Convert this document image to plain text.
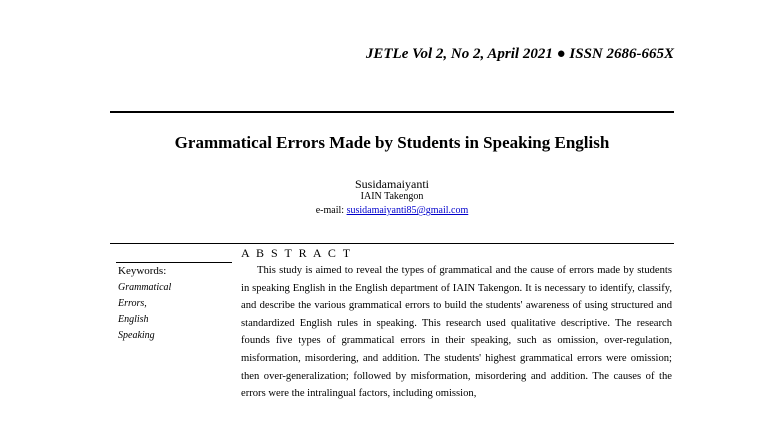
JETLe Vol 2, No 2, April 2021 ● ISSN 2686-665X
Grammatical Errors Made by Students in Speaking English
Susidamaiyanti
IAIN Takengon
e-mail: susidamaiyanti85@gmail.com
A B S T R A C T
Keywords:
Grammatical
Errors,
English
Speaking

This study is aimed to reveal the types of grammatical and the cause of errors made by students in speaking English in the English department of IAIN Takengon. It is necessary to identify, classify, and describe the various grammatical errors to build the students' awareness of using structured and standardized English rules in speaking. This research used qualitative descriptive. The research founds five types of grammatical errors in their speaking, such as omission, over-regulation, misformation, misordering, and addition. The students' highest grammatical errors were omission; then over-generalization; followed by misformation, misordering and addition. The causes of the errors were the intralingual factors, including omission,
